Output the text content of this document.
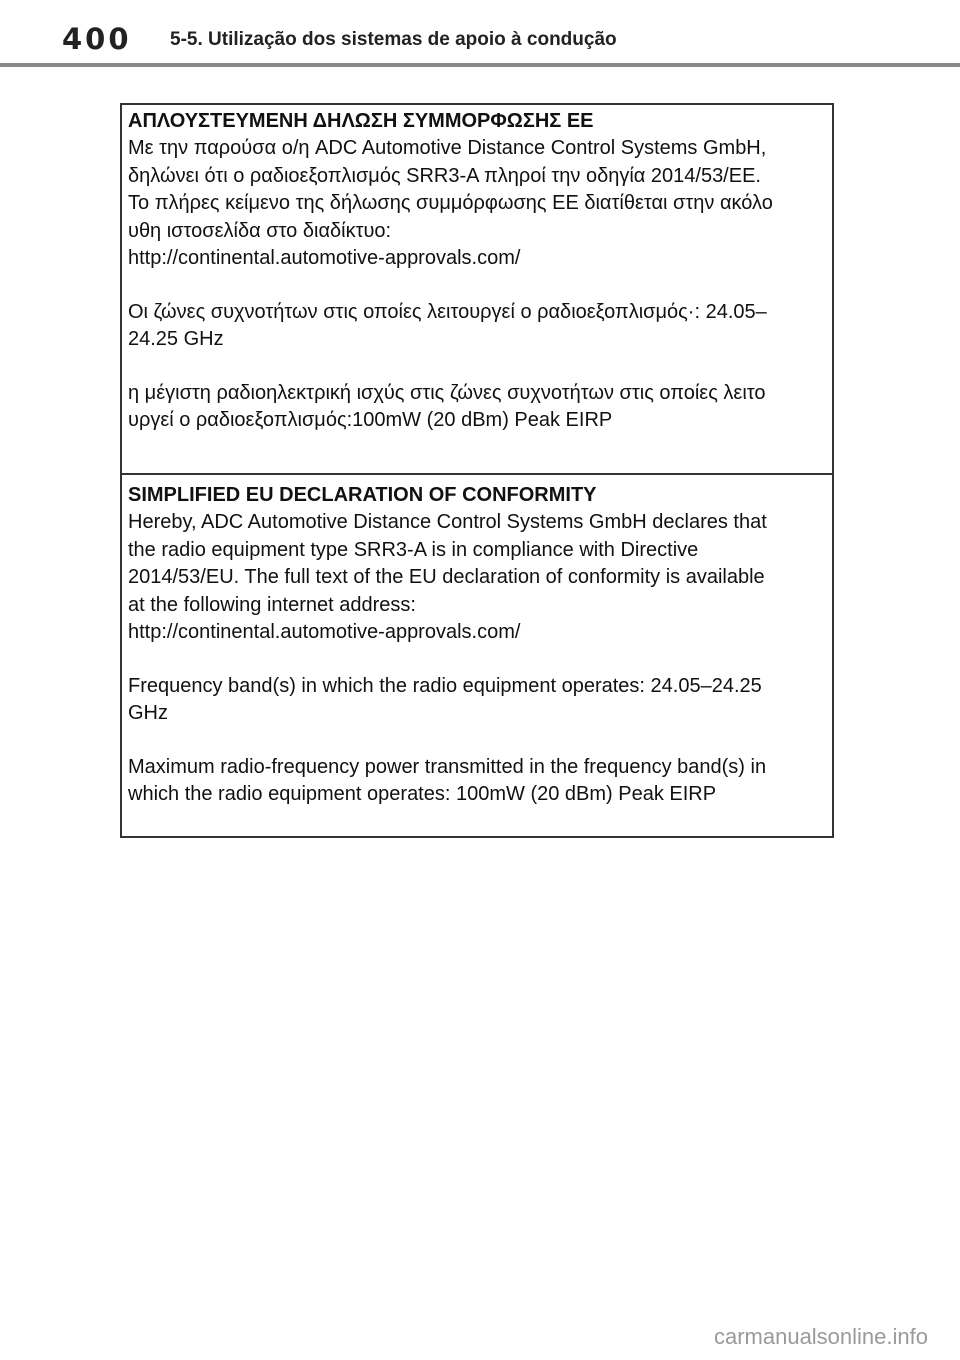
400 5-5. Utilização dos sistemas de apoio à condução
ΑΠΛΟΥΣΤΕΥΜΕΝΗ ΔΗΛΩΣΗ ΣΥΜΜΟΡΦΩΣΗΣ ΕΕ

Με την παρούσα ο/η ADC Automotive Distance Control Systems GmbH,

δηλώνει ότι ο ραδιοεξοπλισμός SRR3-A πληροί την οδηγία 2014/53/ΕΕ.

Το πλήρες κείμενο της δήλωσης συμμόρφωσης ΕΕ διατίθεται στην ακόλο

υθη ιστοσελίδα στο διαδίκτυο:

http://continental.automotive-approvals.com/

Οι ζώνες συχνοτήτων στις οποίες λειτουργεί ο ραδιοεξοπλισμός·: 24.05–

24.25 GHz

η μέγιστη ραδιοηλεκτρική ισχύς στις ζώνες συχνοτήτων στις οποίες λειτο

υργεί ο ραδιοεξοπλισμός:100mW (20 dBm) Peak EIRP

SIMPLIFIED EU DECLARATION OF CONFORMITY

Hereby, ADC Automotive Distance Control Systems GmbH declares that

the radio equipment type SRR3-A is in compliance with Directive

2014/53/EU. The full text of the EU declaration of conformity is available

at the following internet address:

http://continental.automotive-approvals.com/

Frequency band(s) in which the radio equipment operates: 24.05–24.25

GHz

Maximum radio-frequency power transmitted in the frequency band(s) in

which the radio equipment operates: 100mW (20 dBm) Peak EIRP

carmanualsonline.info
